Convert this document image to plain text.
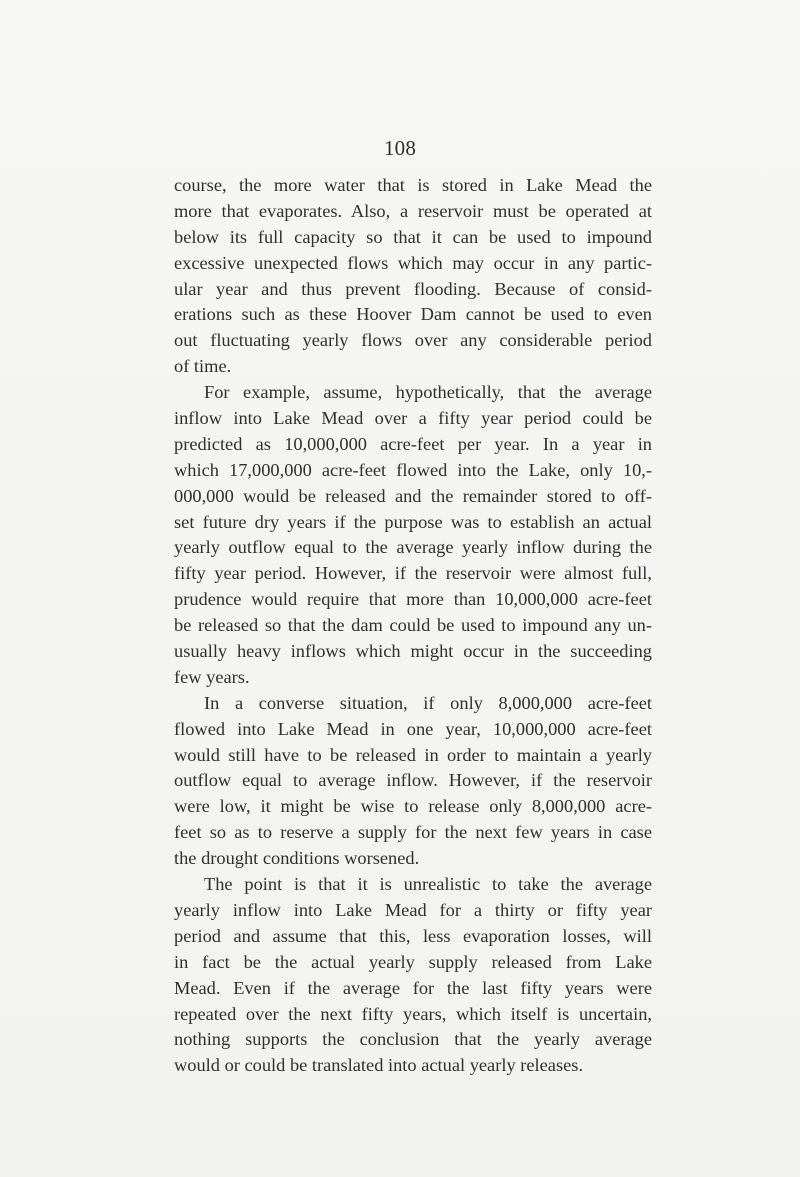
108
course, the more water that is stored in Lake Mead the
more that evaporates. Also, a reservoir must be operated at
below its full capacity so that it can be used to impound
excessive unexpected flows which may occur in any partic-
ular year and thus prevent flooding. Because of consid-
erations such as these Hoover Dam cannot be used to even
out fluctuating yearly flows over any considerable period
of time.
For example, assume, hypothetically, that the average
inflow into Lake Mead over a fifty year period could be
predicted as 10,000,000 acre-feet per year. In a year in
which 17,000,000 acre-feet flowed into the Lake, only 10,-
000,000 would be released and the remainder stored to off-
set future dry years if the purpose was to establish an actual
yearly outflow equal to the average yearly inflow during the
fifty year period. However, if the reservoir were almost full,
prudence would require that more than 10,000,000 acre-feet
be released so that the dam could be used to impound any un-
usually heavy inflows which might occur in the succeeding
few years.
In a converse situation, if only 8,000,000 acre-feet
flowed into Lake Mead in one year, 10,000,000 acre-feet
would still have to be released in order to maintain a yearly
outflow equal to average inflow. However, if the reservoir
were low, it might be wise to release only 8,000,000 acre-
feet so as to reserve a supply for the next few years in case
the drought conditions worsened.
The point is that it is unrealistic to take the average
yearly inflow into Lake Mead for a thirty or fifty year
period and assume that this, less evaporation losses, will
in fact be the actual yearly supply released from Lake
Mead. Even if the average for the last fifty years were
repeated over the next fifty years, which itself is uncertain,
nothing supports the conclusion that the yearly average
would or could be translated into actual yearly releases.
